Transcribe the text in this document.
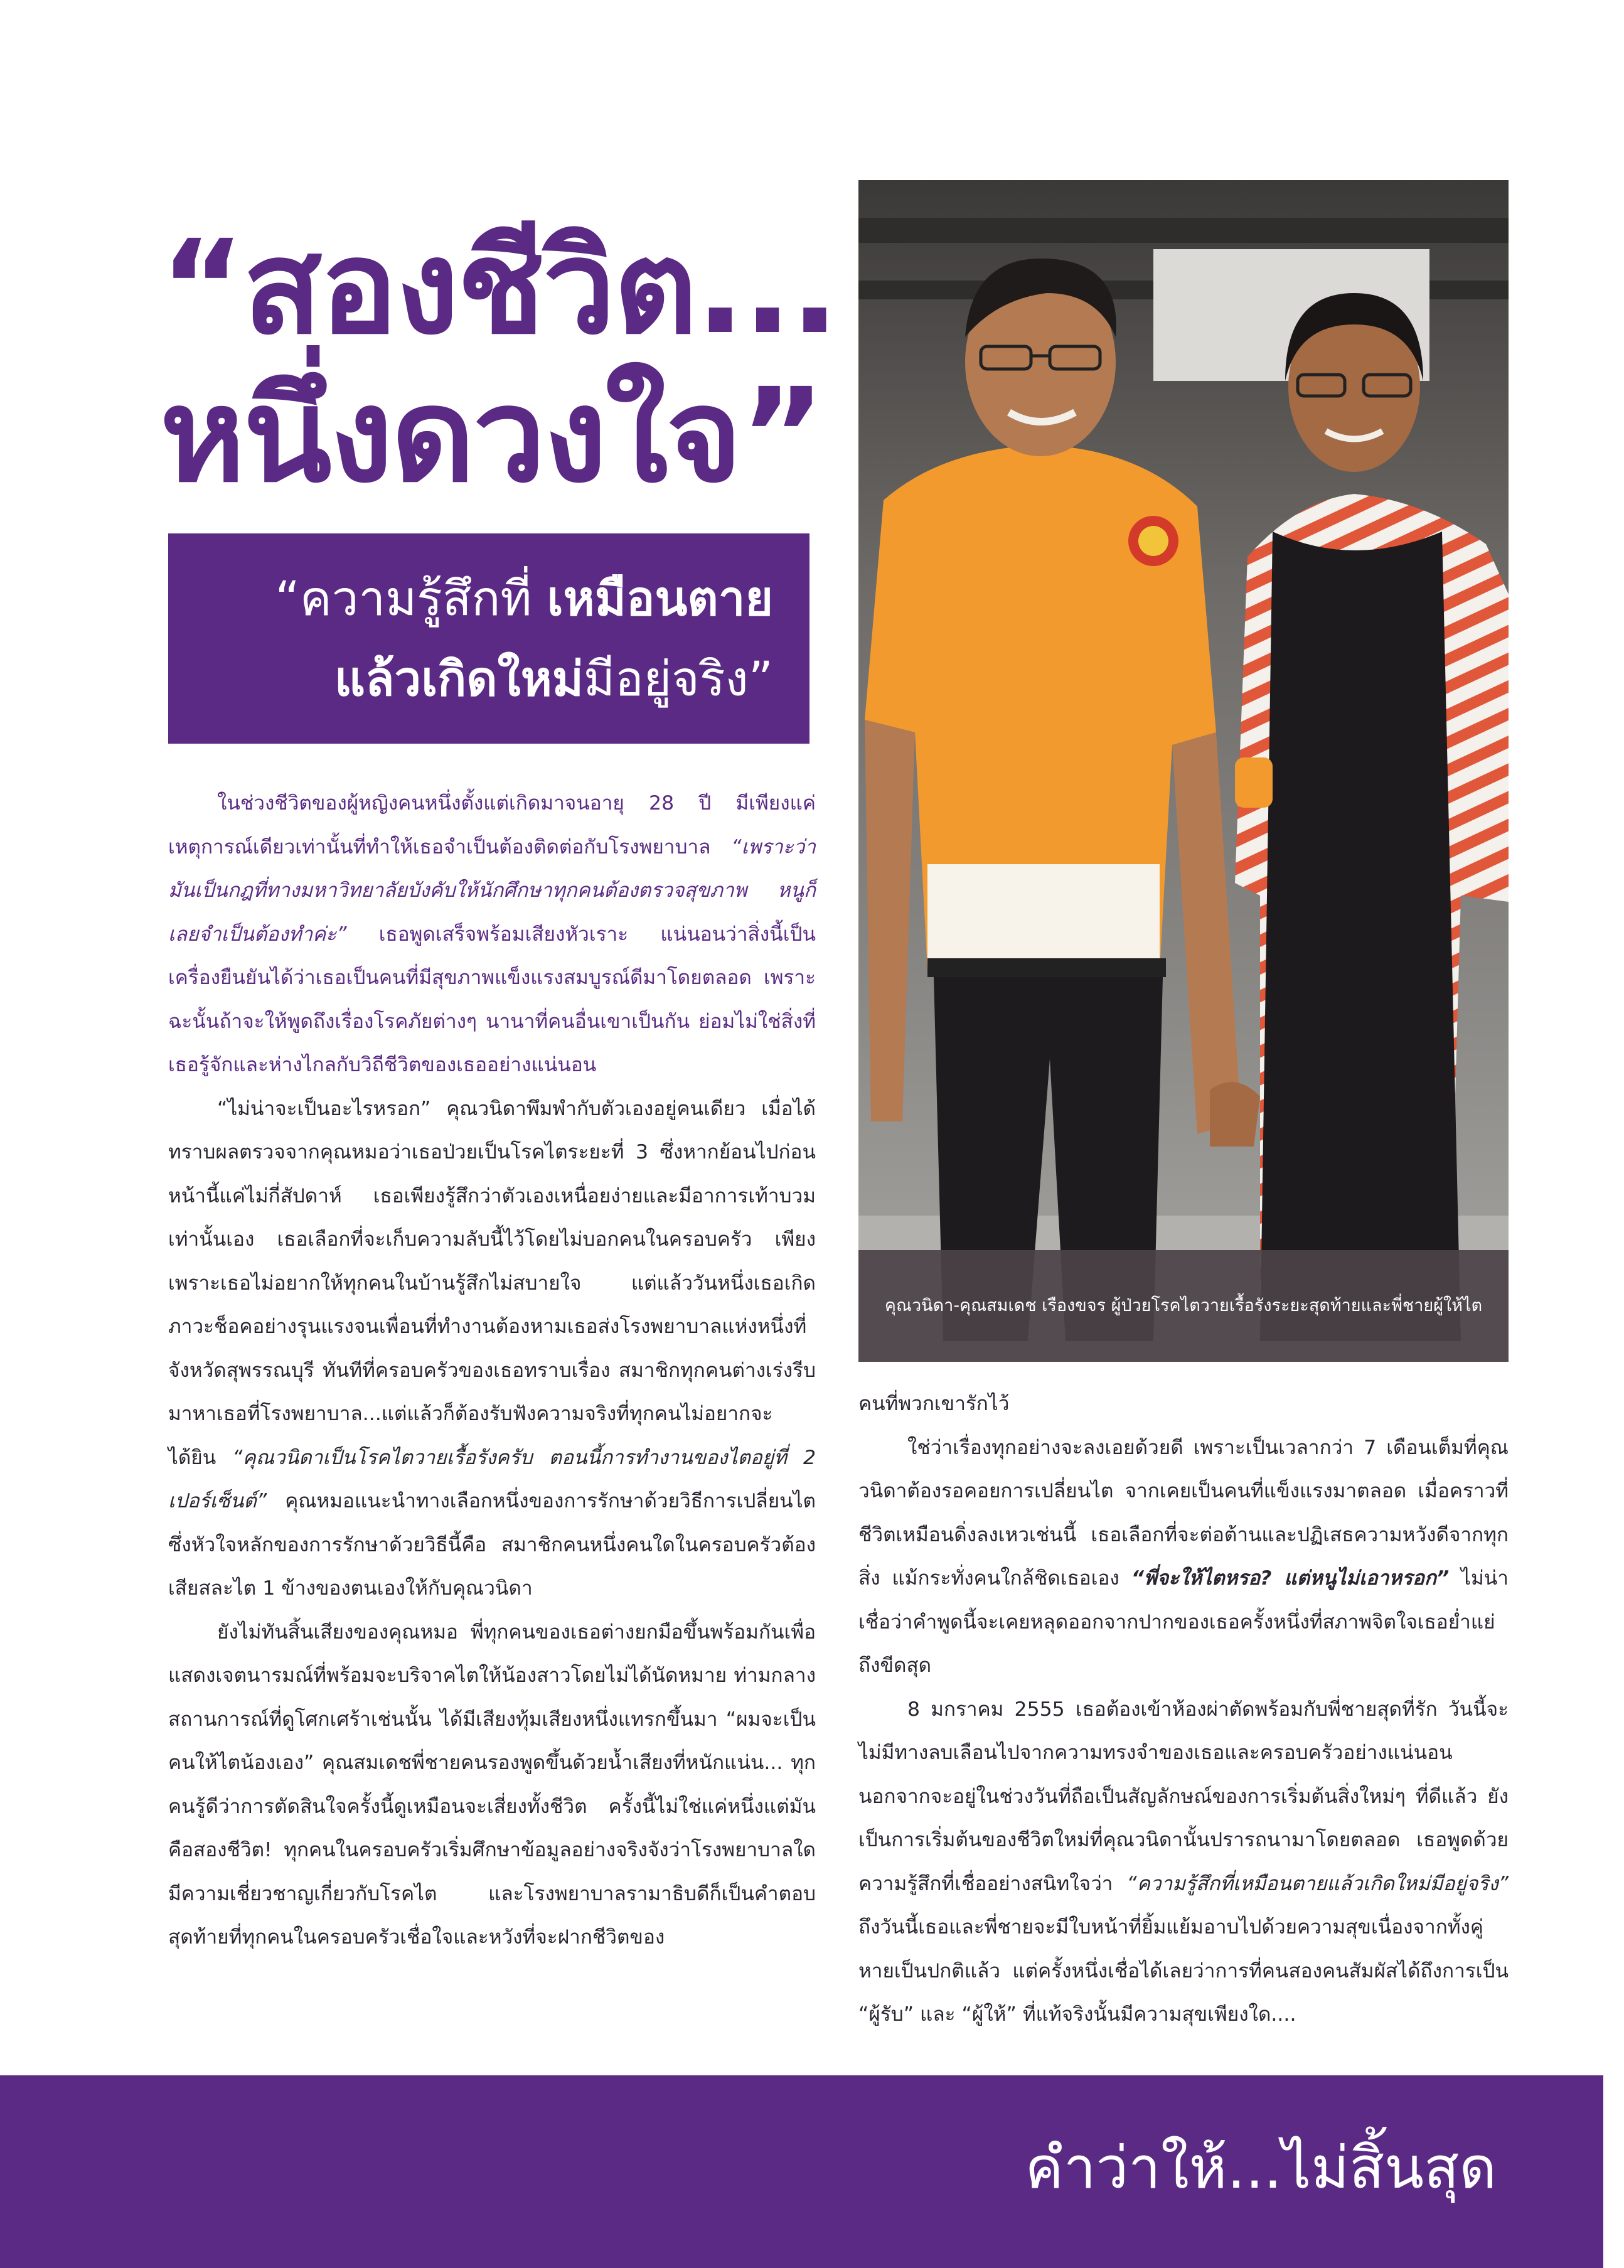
“สองชีวิต...
หนึ่งดวงใจ”
“ความรู้สึกที่ เหมือนตาย
แล้วเกิดใหม่มีอยู่จริง”
คุณวนิดา-คุณสมเดช เรืองขจร ผู้ป่วยโรคไตวายเรื้อรังระยะสุดท้ายและพี่ชายผู้ให้ไต

ในช่วงชีวิตของผู้หญิงคนหนึ่งตั้งแต่เกิดมาจนอายุ 28 ปี มีเพียงแค่เหตุการณ์เดียวเท่านั้นที่ทำให้เธอจำเป็นต้องติดต่อกับโรงพยาบาล “เพราะว่ามันเป็นกฎที่ทางมหาวิทยาลัยบังคับให้นักศึกษาทุกคนต้องตรวจสุขภาพ หนูก็เลยจำเป็นต้องทำค่ะ” เธอพูดเสร็จพร้อมเสียงหัวเราะ แน่นอนว่าสิ่งนี้เป็นเครื่องยืนยันได้ว่าเธอเป็นคนที่มีสุขภาพแข็งแรงสมบูรณ์ดีมาโดยตลอด เพราะฉะนั้นถ้าจะให้พูดถึงเรื่องโรคภัยต่างๆ นานาที่คนอื่นเขาเป็นกัน ย่อมไม่ใช่สิ่งที่เธอรู้จักและห่างไกลกับวิถีชีวิตของเธออย่างแน่นอน

“ไม่น่าจะเป็นอะไรหรอก” คุณวนิดาพึมพำกับตัวเองอยู่คนเดียว เมื่อได้ทราบผลตรวจจากคุณหมอว่าเธอป่วยเป็นโรคไตระยะที่ 3 ซึ่งหากย้อนไปก่อนหน้านี้แค่ไม่กี่สัปดาห์ เธอเพียงรู้สึกว่าตัวเองเหนื่อยง่ายและมีอาการเท้าบวมเท่านั้นเอง เธอเลือกที่จะเก็บความลับนี้ไว้โดยไม่บอกคนในครอบครัว เพียงเพราะเธอไม่อยากให้ทุกคนในบ้านรู้สึกไม่สบายใจ แต่แล้ววันหนึ่งเธอเกิดภาวะช็อคอย่างรุนแรงจนเพื่อนที่ทำงานต้องหามเธอส่งโรงพยาบาลแห่งหนึ่งที่จังหวัดสุพรรณบุรี ทันทีที่ครอบครัวของเธอทราบเรื่อง สมาชิกทุกคนต่างเร่งรีบมาหาเธอที่โรงพยาบาล...แต่แล้วก็ต้องรับฟังความจริงที่ทุกคนไม่อยากจะได้ยิน “คุณวนิดาเป็นโรคไตวายเรื้อรังครับ ตอนนี้การทำงานของไตอยู่ที่ 2 เปอร์เซ็นต์” คุณหมอแนะนำทางเลือกหนึ่งของการรักษาด้วยวิธีการเปลี่ยนไต ซึ่งหัวใจหลักของการรักษาด้วยวิธีนี้คือ สมาชิกคนหนึ่งคนใดในครอบครัวต้องเสียสละไต 1 ข้างของตนเองให้กับคุณวนิดา

ยังไม่ทันสิ้นเสียงของคุณหมอ พี่ทุกคนของเธอต่างยกมือขึ้นพร้อมกันเพื่อแสดงเจตนารมณ์ที่พร้อมจะบริจาคไตให้น้องสาวโดยไม่ได้นัดหมาย ท่ามกลางสถานการณ์ที่ดูโศกเศร้าเช่นนั้น ได้มีเสียงทุ้มเสียงหนึ่งแทรกขึ้นมา “ผมจะเป็นคนให้ไตน้องเอง” คุณสมเดชพี่ชายคนรองพูดขึ้นด้วยน้ำเสียงที่หนักแน่น... ทุกคนรู้ดีว่าการตัดสินใจครั้งนี้ดูเหมือนจะเสี่ยงทั้งชีวิต ครั้งนี้ไม่ใช่แค่หนึ่งแต่มันคือสองชีวิต! ทุกคนในครอบครัวเริ่มศึกษาข้อมูลอย่างจริงจังว่าโรงพยาบาลใดมีความเชี่ยวชาญเกี่ยวกับโรคไต และโรงพยาบาลรามาธิบดีก็เป็นคำตอบสุดท้ายที่ทุกคนในครอบครัวเชื่อใจและหวังที่จะฝากชีวิตของ

คนที่พวกเขารักไว้

ใช่ว่าเรื่องทุกอย่างจะลงเอยด้วยดี เพราะเป็นเวลากว่า 7 เดือนเต็มที่คุณวนิดาต้องรอคอยการเปลี่ยนไต จากเคยเป็นคนที่แข็งแรงมาตลอด เมื่อคราวที่ชีวิตเหมือนดิ่งลงเหวเช่นนี้ เธอเลือกที่จะต่อต้านและปฏิเสธความหวังดีจากทุกสิ่ง แม้กระทั่งคนใกล้ชิดเธอเอง “พี่จะให้ไตหรอ? แต่หนูไม่เอาหรอก” ไม่น่าเชื่อว่าคำพูดนี้จะเคยหลุดออกจากปากของเธอครั้งหนึ่งที่สภาพจิตใจเธอย่ำแย่ถึงขีดสุด

8 มกราคม 2555 เธอต้องเข้าห้องผ่าตัดพร้อมกับพี่ชายสุดที่รัก วันนี้จะไม่มีทางลบเลือนไปจากความทรงจำของเธอและครอบครัวอย่างแน่นอน นอกจากจะอยู่ในช่วงวันที่ถือเป็นสัญลักษณ์ของการเริ่มต้นสิ่งใหม่ๆ ที่ดีแล้ว ยังเป็นการเริ่มต้นของชีวิตใหม่ที่คุณวนิดานั้นปรารถนามาโดยตลอด เธอพูดด้วยความรู้สึกที่เชื่ออย่างสนิทใจว่า “ความรู้สึกที่เหมือนตายแล้วเกิดใหม่มีอยู่จริง” ถึงวันนี้เธอและพี่ชายจะมีใบหน้าที่ยิ้มแย้มอาบไปด้วยความสุขเนื่องจากทั้งคู่หายเป็นปกติแล้ว แต่ครั้งหนึ่งเชื่อได้เลยว่าการที่คนสองคนสัมผัสได้ถึงการเป็น “ผู้รับ” และ “ผู้ให้” ที่แท้จริงนั้นมีความสุขเพียงใด....

คำว่าให้...ไม่สิ้นสุด
